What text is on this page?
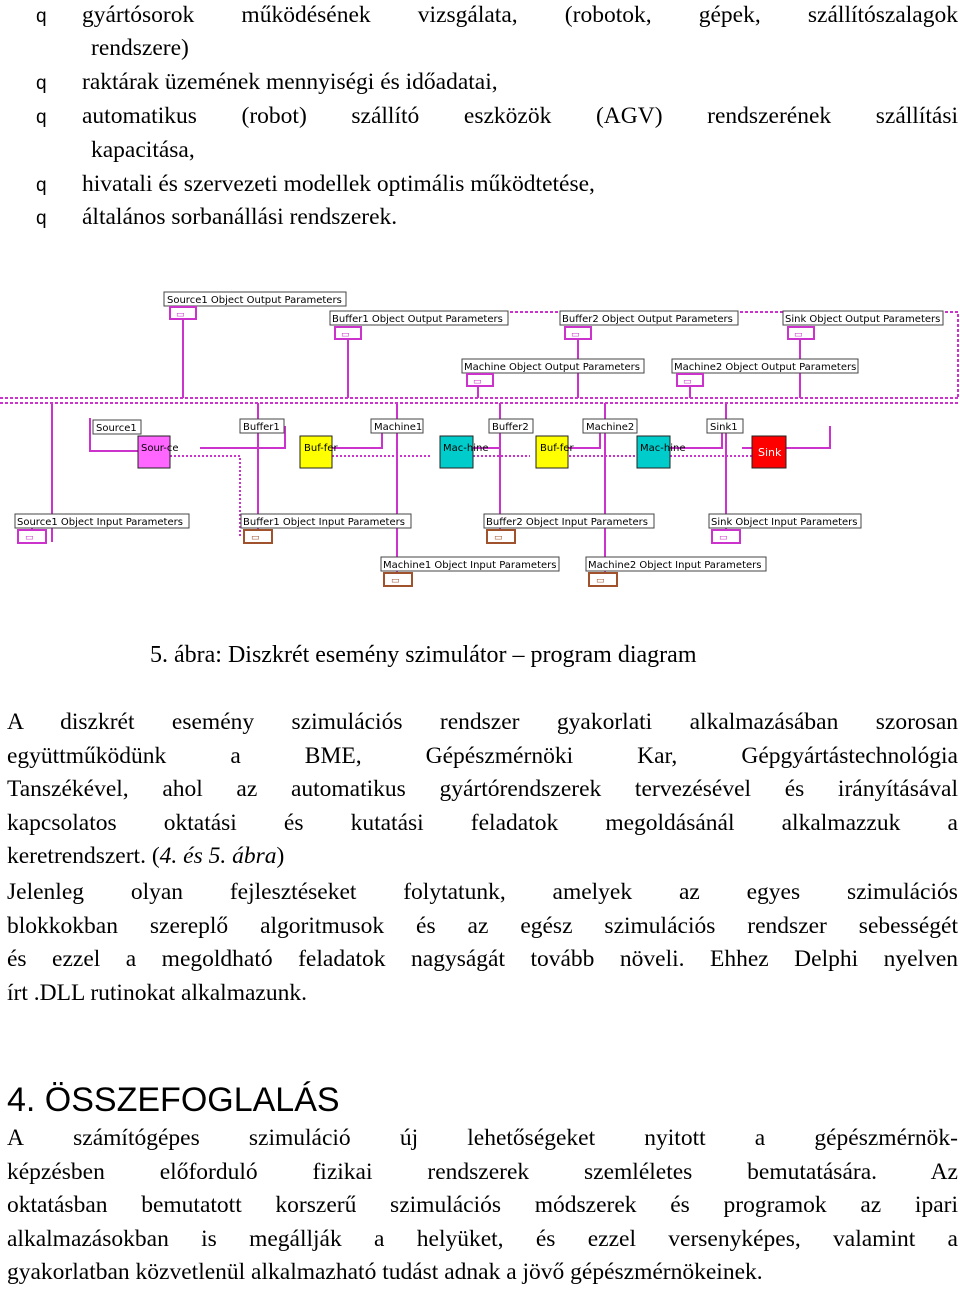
q gyártósorok működésének vizsgálata, (robotok, gépek, szállítószalagok
rendszere)
q raktárak üzemének mennyiségi és időadatai,
q automatikus (robot) szállító eszközök (AGV) rendszerének szállítási
kapacitása,
q hivatali és szervezeti modellek optimális működtetése,
q általános sorbanállási rendszerek.
Source1 Object Output Parameters
▭	Buffer1 Object Output Parameters
▭
Buffer2 Object Output Parameters
▭
Sink Object Output Parameters
▭
Machine Object Output Parameters
▭
Machine2 Object Output Parameters
▭
Source1	Buffer1	Machine1	Buffer2	Machine2	Sink1
Sour-ce	Buf-fer	Mac-hine	Buf-fer	Mac-hine	Sink
Source1 Object Input Parameters
▭
Buffer1 Object Input Parameters
▭
Buffer2 Object Input Parameters
▭
Sink Object Input Parameters
▭
Machine1 Object Input Parameters
▭
Machine2 Object Input Parameters
▭
5. ábra: Diszkrét esemény szimulátor – program diagram
A diszkrét esemény szimulációs rendszer gyakorlati alkalmazásában szorosan
együttműködünk	a	BME,	Gépészmérnöki	Kar,	Gépgyártástechnológia
Tanszékével, ahol az automatikus gyártórendszerek tervezésével és irányításával
kapcsolatos oktatási és kutatási feladatok megoldásánál alkalmazzuk a
keretrendszert. (4. és 5. ábra)
Jelenleg olyan fejlesztéseket folytatunk, amelyek az egyes szimulációs
blokkokban szereplő algoritmusok és az egész szimulációs rendszer sebességét
és ezzel a megoldható feladatok nagyságát tovább növeli. Ehhez Delphi nyelven
írt .DLL rutinokat alkalmazunk.
4. ÖSSZEFOGLALÁS
A számítógépes szimuláció új lehetőségeket nyitott a gépészmérnök-
képzésben előforduló fizikai rendszerek szemléletes bemutatására. Az
oktatásban bemutatott korszerű szimulációs módszerek és programok az ipari
alkalmazásokban is megállják a helyüket, és ezzel versenyképes, valamint a
gyakorlatban közvetlenül alkalmazható tudást adnak a jövő gépészmérnökeinek.
